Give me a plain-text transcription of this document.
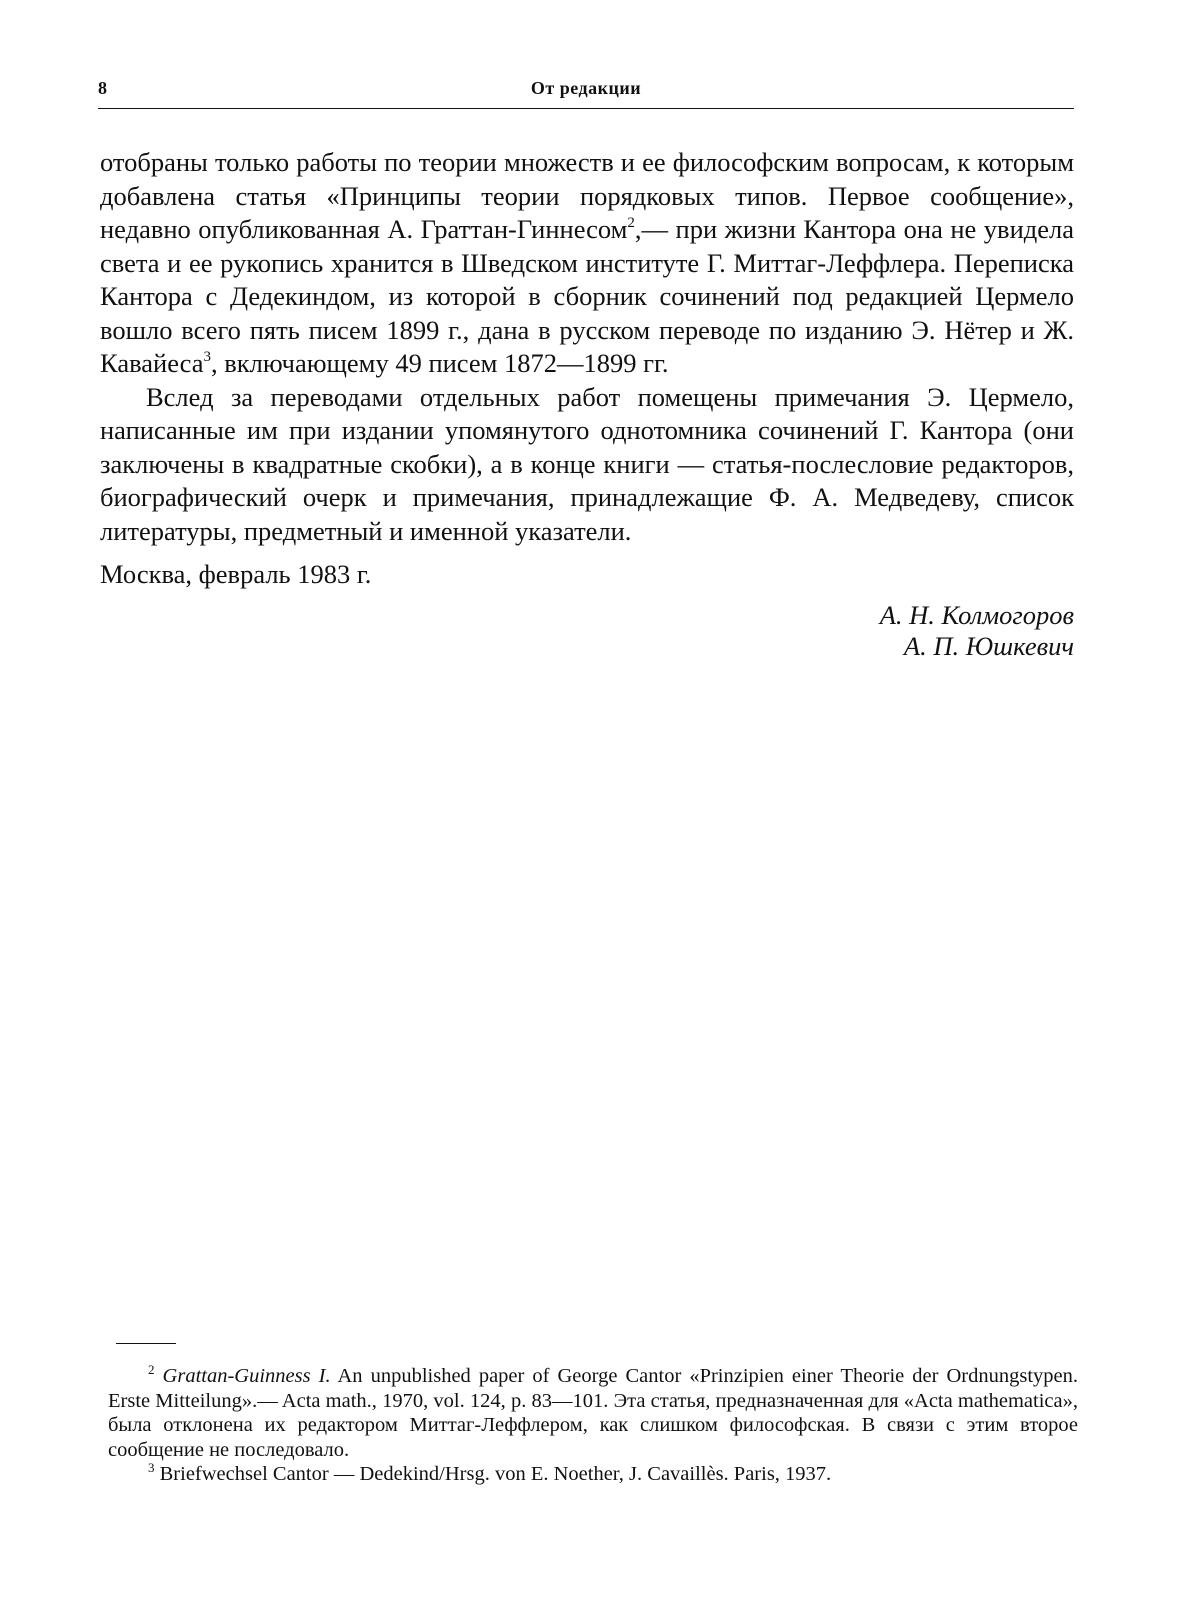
8	От редакции

отобраны только работы по теории множеств и ее философским вопросам, к которым добавлена статья «Принципы теории порядковых типов. Первое сообщение», недавно опубликованная А. Граттан-Гиннесом$^2$,— при жизни Кантора она не увидела света и ее рукопись хранится в Шведском институте Г. Миттаг-Леффлера. Переписка Кантора с Дедекиндом, из которой в сборник сочинений под редакцией Цермело вошло всего пять писем 1899 г., дана в русском переводе по изданию Э. Нётер и Ж. Кавайеса$^3$, включающему 49 писем 1872—1899 гг.

Вслед за переводами отдельных работ помещены примечания Э. Цермело, написанные им при издании упомянутого однотомника сочинений Г. Кантора (они заключены в квадратные скобки), а в конце книги — статья-послесловие редакторов, биографический очерк и примечания, принадлежащие Ф. А. Медведеву, список литературы, предметный и именной указатели.

Москва, февраль 1983 г.

А. Н. Колмогоров
А. П. Юшкевич

$^2$ Grattan-Guinness I. An unpublished paper of George Cantor «Prinzipien einer Theorie der Ordnungstypen. Erste Mitteilung».— Acta math., 1970, vol. 124, p. 83—101. Эта статья, предназначенная для «Acta mathematica», была отклонена их редактором Миттаг-Леффлером, как слишком философская. В связи с этим второе сообщение не последовало.

$^3$ Briefwechsel Cantor — Dedekind/Hrsg. von E. Noether, J. Cavaillès. Paris, 1937.
